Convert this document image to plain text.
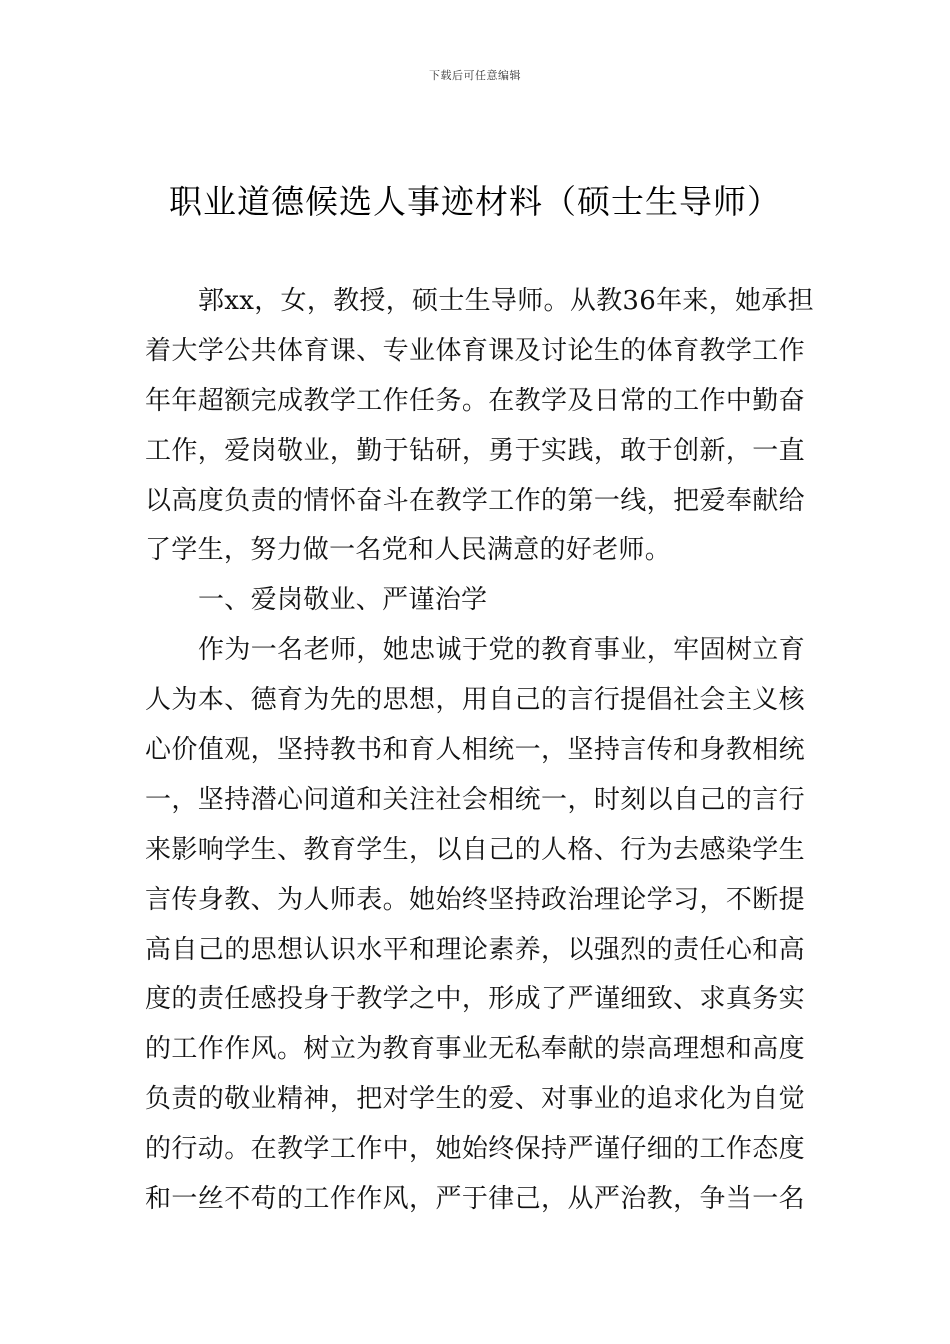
下载后可任意编辑
职业道德候选人事迹材料（硕士生导师）
郭xx，女，教授，硕士生导师。从教36年来，她承担
着大学公共体育课、专业体育课及讨论生的体育教学工作
年年超额完成教学工作任务。在教学及日常的工作中勤奋
工作，爱岗敬业，勤于钻研，勇于实践，敢于创新，一直
以高度负责的情怀奋斗在教学工作的第一线，把爱奉献给
了学生，努力做一名党和人民满意的好老师。
一、爱岗敬业、严谨治学
作为一名老师，她忠诚于党的教育事业，牢固树立育
人为本、德育为先的思想，用自己的言行提倡社会主义核
心价值观，坚持教书和育人相统一，坚持言传和身教相统
一，坚持潜心问道和关注社会相统一，时刻以自己的言行
来影响学生、教育学生，以自己的人格、行为去感染学生
言传身教、为人师表。她始终坚持政治理论学习，不断提
高自己的思想认识水平和理论素养，以强烈的责任心和高
度的责任感投身于教学之中，形成了严谨细致、求真务实
的工作作风。树立为教育事业无私奉献的崇高理想和高度
负责的敬业精神，把对学生的爱、对事业的追求化为自觉
的行动。在教学工作中，她始终保持严谨仔细的工作态度
和一丝不苟的工作作风，严于律己，从严治教，争当一名
